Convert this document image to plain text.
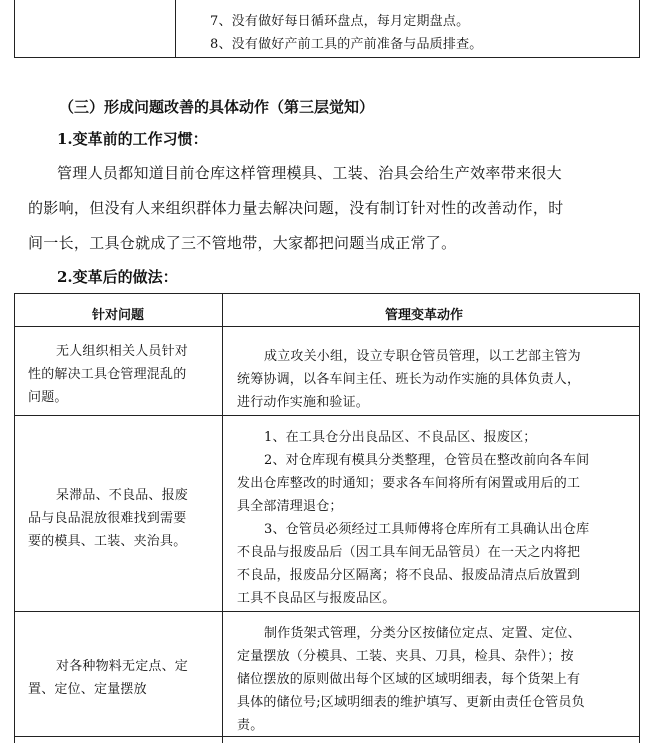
7、没有做好每日循环盘点，每月定期盘点。
8、没有做好产前工具的产前准备与品质排查。
（三）形成问题改善的具体动作（第三层觉知）
1.变革前的工作习惯：
管理人员都知道目前仓库这样管理模具、工装、治具会给生产效率带来很大
的影响，但没有人来组织群体力量去解决问题，没有制订针对性的改善动作，时
间一长，工具仓就成了三不管地带，大家都把问题当成正常了。
2.变革后的做法：
针对问题	管理变革动作
无人组织相关人员针对
性的解决工具仓管理混乱的
问题。
成立攻关小组，设立专职仓管员管理，以工艺部主管为
统筹协调，以各车间主任、班长为动作实施的具体负责人，
进行动作实施和验证。
呆滞品、不良品、报废
品与良品混放很难找到需要
要的模具、工装、夹治具。
1、在工具仓分出良品区、不良品区、报废区；
2、对仓库现有模具分类整理，仓管员在整改前向各车间
发出仓库整改的时通知；要求各车间将所有闲置或用后的工
具全部清理退仓；
3、仓管员必须经过工具师傅将仓库所有工具确认出仓库
不良品与报废品后（因工具车间无品管员）在一天之内将把
不良品，报废品分区隔离；将不良品、报废品清点后放置到
工具不良品区与报废品区。
对各种物料无定点、定
置、定位、定量摆放
制作货架式管理，分类分区按储位定点、定置、定位、
定量摆放（分模具、工装、夹具、刀具，检具、杂件）；按
储位摆放的原则做出每个区域的区域明细表，每个货架上有
具体的储位号;区域明细表的维护填写、更新由责任仓管员负
责。
